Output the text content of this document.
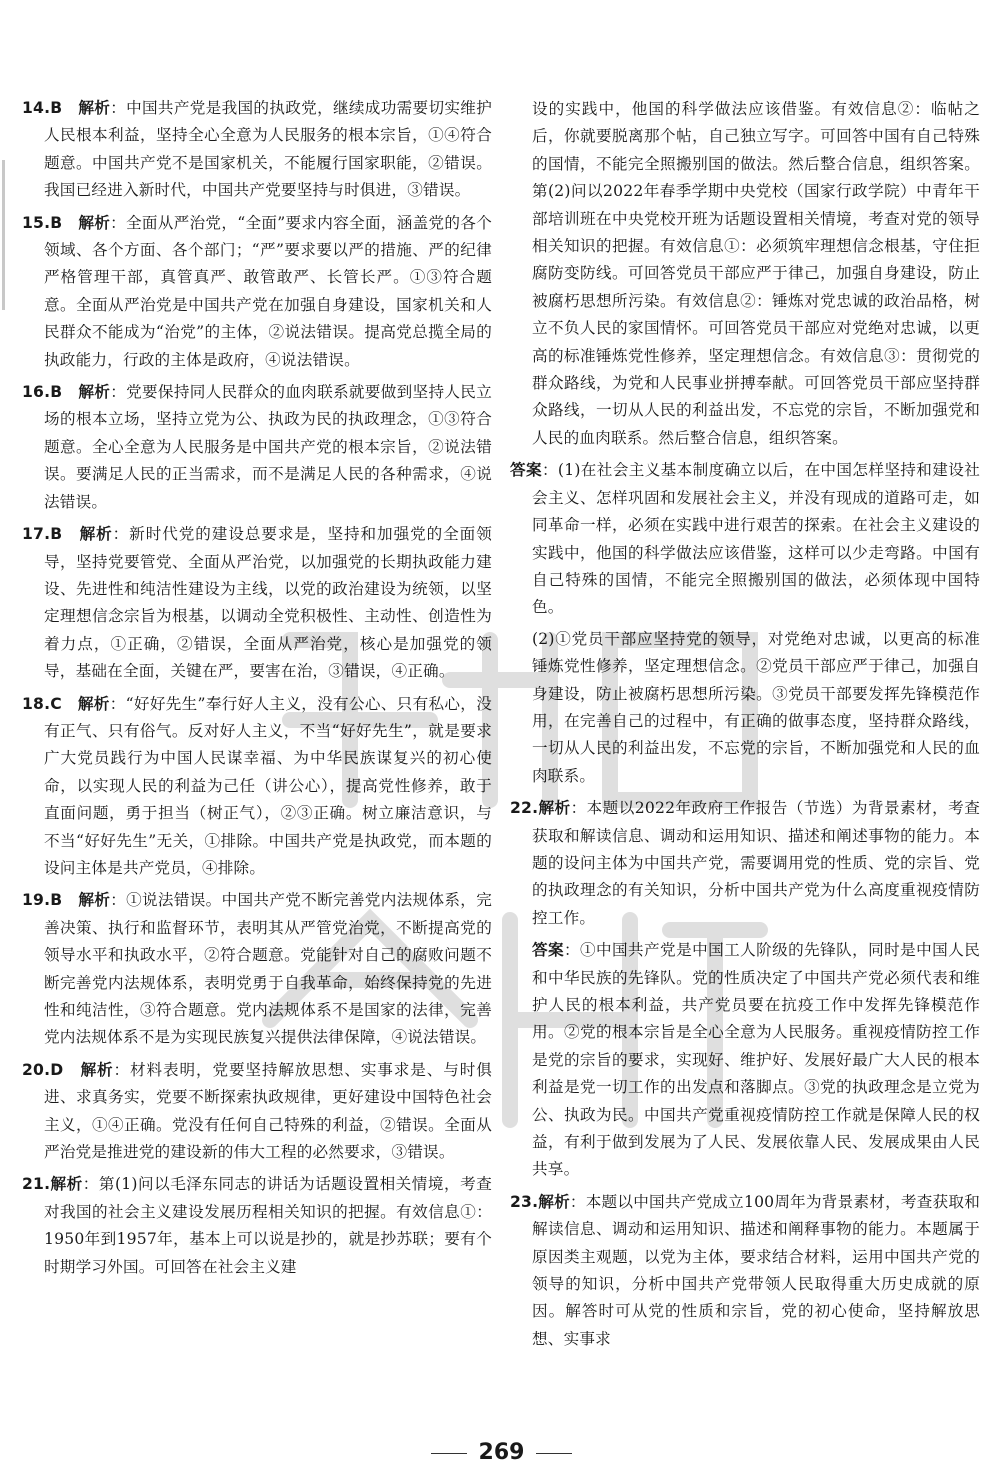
14.B　 解析：中国共产党是我国的执政党，继续成功需要切实维护人民根本利益，坚持全心全意为人民服务的根本宗旨，①④符合题意。中国共产党不是国家机关，不能履行国家职能，②错误。我国已经进入新时代，中国共产党要坚持与时俱进，③错误。

15.B　 解析：全面从严治党，“全面”要求内容全面，涵盖党的各个领域、各个方面、各个部门；“严”要求要以严的措施、严的纪律严格管理干部，真管真严、敢管敢严、长管长严。①③符合题意。全面从严治党是中国共产党在加强自身建设，国家机关和人民群众不能成为“治党”的主体，②说法错误。提高党总揽全局的执政能力，行政的主体是政府，④说法错误。

16.B　 解析：党要保持同人民群众的血肉联系就要做到坚持人民立场的根本立场，坚持立党为公、执政为民的执政理念，①③符合题意。全心全意为人民服务是中国共产党的根本宗旨，②说法错误。要满足人民的正当需求，而不是满足人民的各种需求，④说法错误。

17.B　 解析：新时代党的建设总要求是，坚持和加强党的全面领导，坚持党要管党、全面从严治党，以加强党的长期执政能力建设、先进性和纯洁性建设为主线，以党的政治建设为统领，以坚定理想信念宗旨为根基，以调动全党积极性、主动性、创造性为着力点，①正确，②错误，全面从严治党，核心是加强党的领导，基础在全面，关键在严，要害在治，③错误，④正确。

18.C　 解析：“好好先生”奉行好人主义，没有公心、只有私心，没有正气、只有俗气。反对好人主义，不当“好好先生”，就是要求广大党员践行为中国人民谋幸福、为中华民族谋复兴的初心使命，以实现人民的利益为己任（讲公心），提高党性修养，敢于直面问题，勇于担当（树正气），②③正确。树立廉洁意识，与不当“好好先生”无关，①排除。中国共产党是执政党，而本题的设问主体是共产党员，④排除。

19.B　 解析：①说法错误。中国共产党不断完善党内法规体系，完善决策、执行和监督环节，表明其从严管党治党，不断提高党的领导水平和执政水平，②符合题意。党能针对自己的腐败问题不断完善党内法规体系，表明党勇于自我革命，始终保持党的先进性和纯洁性，③符合题意。党内法规体系不是国家的法律，完善党内法规体系不是为实现民族复兴提供法律保障，④说法错误。

20.D　 解析：材料表明，党要坚持解放思想、实事求是、与时俱进、求真务实，党要不断探索执政规律，更好建设中国特色社会主义，①④正确。党没有任何自己特殊的利益，②错误。全面从严治党是推进党的建设新的伟大工程的必然要求，③错误。

21.解析：第(1)问以毛泽东同志的讲话为话题设置相关情境，考查对我国的社会主义建设发展历程相关知识的把握。有效信息①：1950年到1957年，基本上可以说是抄的，就是抄苏联；要有个时期学习外国。可回答在社会主义建

设的实践中，他国的科学做法应该借鉴。有效信息②：临帖之后，你就要脱离那个帖，自己独立写字。可回答中国有自己特殊的国情，不能完全照搬别国的做法。然后整合信息，组织答案。第(2)问以2022年春季学期中央党校（国家行政学院）中青年干部培训班在中央党校开班为话题设置相关情境，考查对党的领导相关知识的把握。有效信息①：必须筑牢理想信念根基，守住拒腐防变防线。可回答党员干部应严于律己，加强自身建设，防止被腐朽思想所污染。有效信息②：锤炼对党忠诚的政治品格，树立不负人民的家国情怀。可回答党员干部应对党绝对忠诚，以更高的标准锤炼党性修养，坚定理想信念。有效信息③：贯彻党的群众路线，为党和人民事业拼搏奉献。可回答党员干部应坚持群众路线，一切从人民的利益出发，不忘党的宗旨，不断加强党和人民的血肉联系。然后整合信息，组织答案。

答案：(1)在社会主义基本制度确立以后，在中国怎样坚持和建设社会主义、怎样巩固和发展社会主义，并没有现成的道路可走，如同革命一样，必须在实践中进行艰苦的探索。在社会主义建设的实践中，他国的科学做法应该借鉴，这样可以少走弯路。中国有自己特殊的国情，不能完全照搬别国的做法，必须体现中国特色。

(2)①党员干部应坚持党的领导，对党绝对忠诚，以更高的标准锤炼党性修养，坚定理想信念。②党员干部应严于律己，加强自身建设，防止被腐朽思想所污染。③党员干部要发挥先锋模范作用，在完善自己的过程中，有正确的做事态度，坚持群众路线，一切从人民的利益出发，不忘党的宗旨，不断加强党和人民的血肉联系。

22.解析：本题以2022年政府工作报告（节选）为背景素材，考查获取和解读信息、调动和运用知识、描述和阐述事物的能力。本题的设问主体为中国共产党，需要调用党的性质、党的宗旨、党的执政理念的有关知识，分析中国共产党为什么高度重视疫情防控工作。

答案：①中国共产党是中国工人阶级的先锋队，同时是中国人民和中华民族的先锋队。党的性质决定了中国共产党必须代表和维护人民的根本利益，共产党员要在抗疫工作中发挥先锋模范作用。②党的根本宗旨是全心全意为人民服务。重视疫情防控工作是党的宗旨的要求，实现好、维护好、发展好最广大人民的根本利益是党一切工作的出发点和落脚点。③党的执政理念是立党为公、执政为民。中国共产党重视疫情防控工作就是保障人民的权益，有利于做到发展为了人民、发展依靠人民、发展成果由人民共享。

23.解析：本题以中国共产党成立100周年为背景素材，考查获取和解读信息、调动和运用知识、描述和阐释事物的能力。本题属于原因类主观题，以党为主体，要求结合材料，运用中国共产党的领导的知识，分析中国共产党带领人民取得重大历史成就的原因。解答时可从党的性质和宗旨，党的初心使命，坚持解放思想、实事求

269
